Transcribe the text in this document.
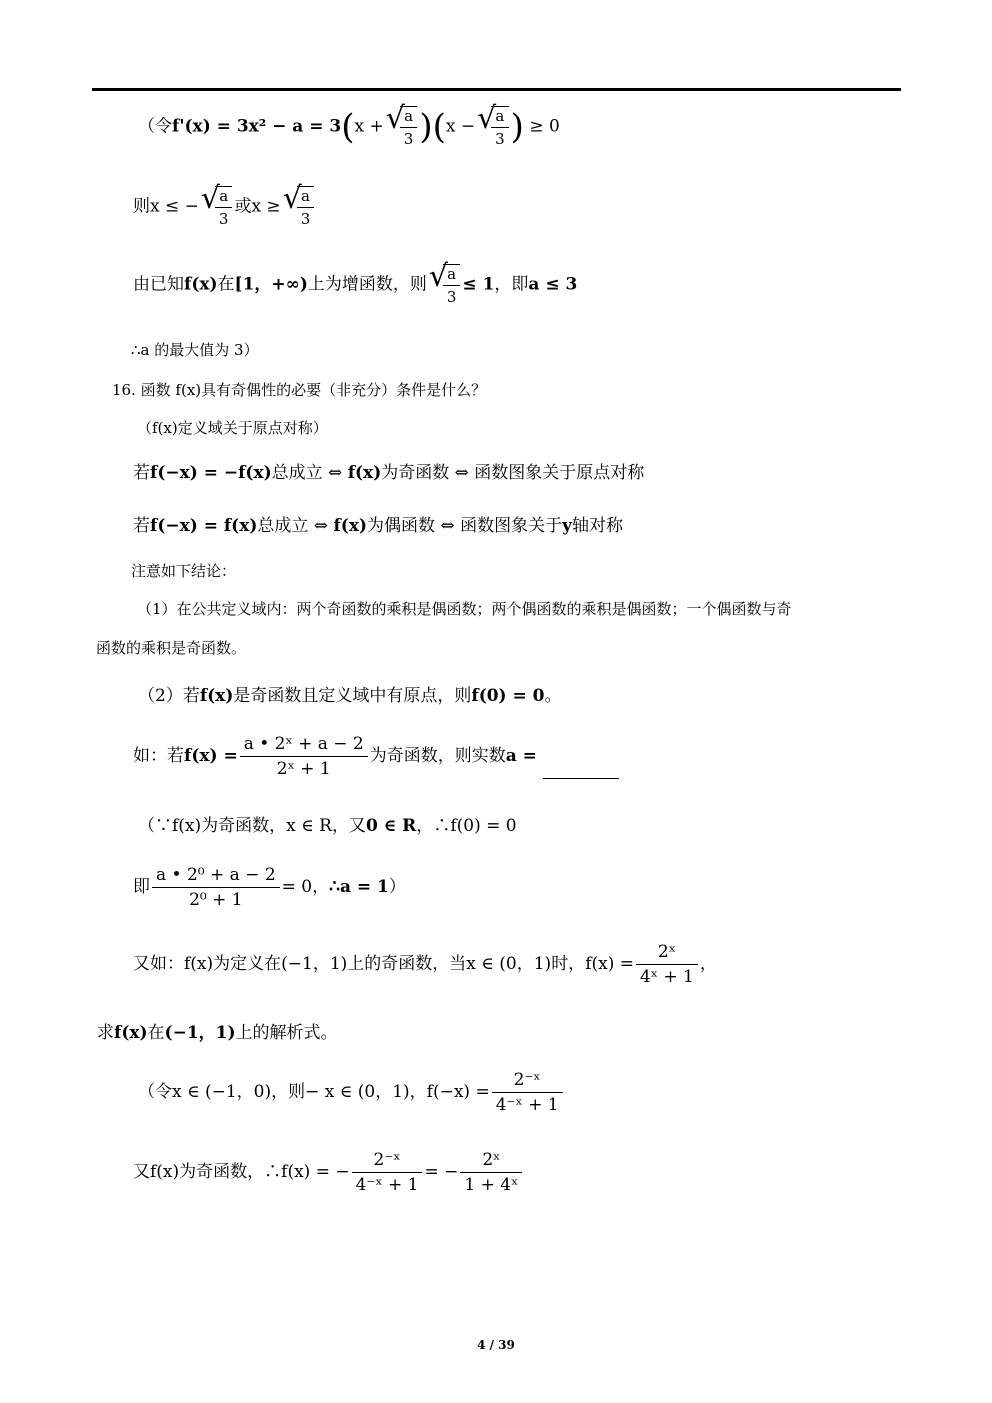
（令f'(x) = 3x² − a = 3(x + √
$\frac{a}{3} )(x$ − √
$\frac{a}{3}$ ) ≥ 0
则x ≤ − √
$\frac{a}{3}$ 或x ≥ √
$\frac{a}{3}$
由已知f(x)在[1，+∞)上为增函数，则 √
$\frac{a}{3} \le 1$，即a ≤ 3
∴a 的最大值为 3）
16. 函数 f(x)具有奇偶性的必要（非充分）条件是什么？
（f(x)定义域关于原点对称）
若f(−x) = −f(x)总成立 ⇔ f(x)为奇函数 ⇔ 函数图象关于原点对称
若f(−x) = f(x)总成立 ⇔ f(x)为偶函数 ⇔ 函数图象关于y轴对称
注意如下结论：
（1）在公共定义域内：两个奇函数的乘积是偶函数；两个偶函数的乘积是偶函数；一个偶函数与奇
函数的乘积是奇函数。
（2）若f(x)是奇函数且定义域中有原点，则f(0) = 0。
如：若$f(x) = \frac{\text{a • 2ˣ + a − 2}}{\text{2ˣ + 1}}$ 为奇函数，则实数a =
（∵f(x)为奇函数，x ∈ R，又0 ∈ R，∴f(0) = 0
即 $\frac{\text{a • 2⁰ + a − 2}}{\text{2⁰ + 1}} = 0$，∴a = 1）
又如：f(x)为定义在(−1，1)上的奇函数，当x ∈ (0，1)时，$f(x) = \frac{\text{2ˣ}}{\text{4ˣ + 1}}$ ，
求f(x)在(−1，1)上的解析式。
（令x ∈ (−1，0)，则− x ∈ (0，1)，$f(-x) = \frac{\text{2⁻ˣ}}{\text{4⁻ˣ + 1}}$
又f(x)为奇函数，∴f(x) = − $\frac{\text{2⁻ˣ}}{\text{4⁻ˣ + 1}}$ = − $\frac{\text{2ˣ}}{\text{1 + 4ˣ}}$
4 / 39
